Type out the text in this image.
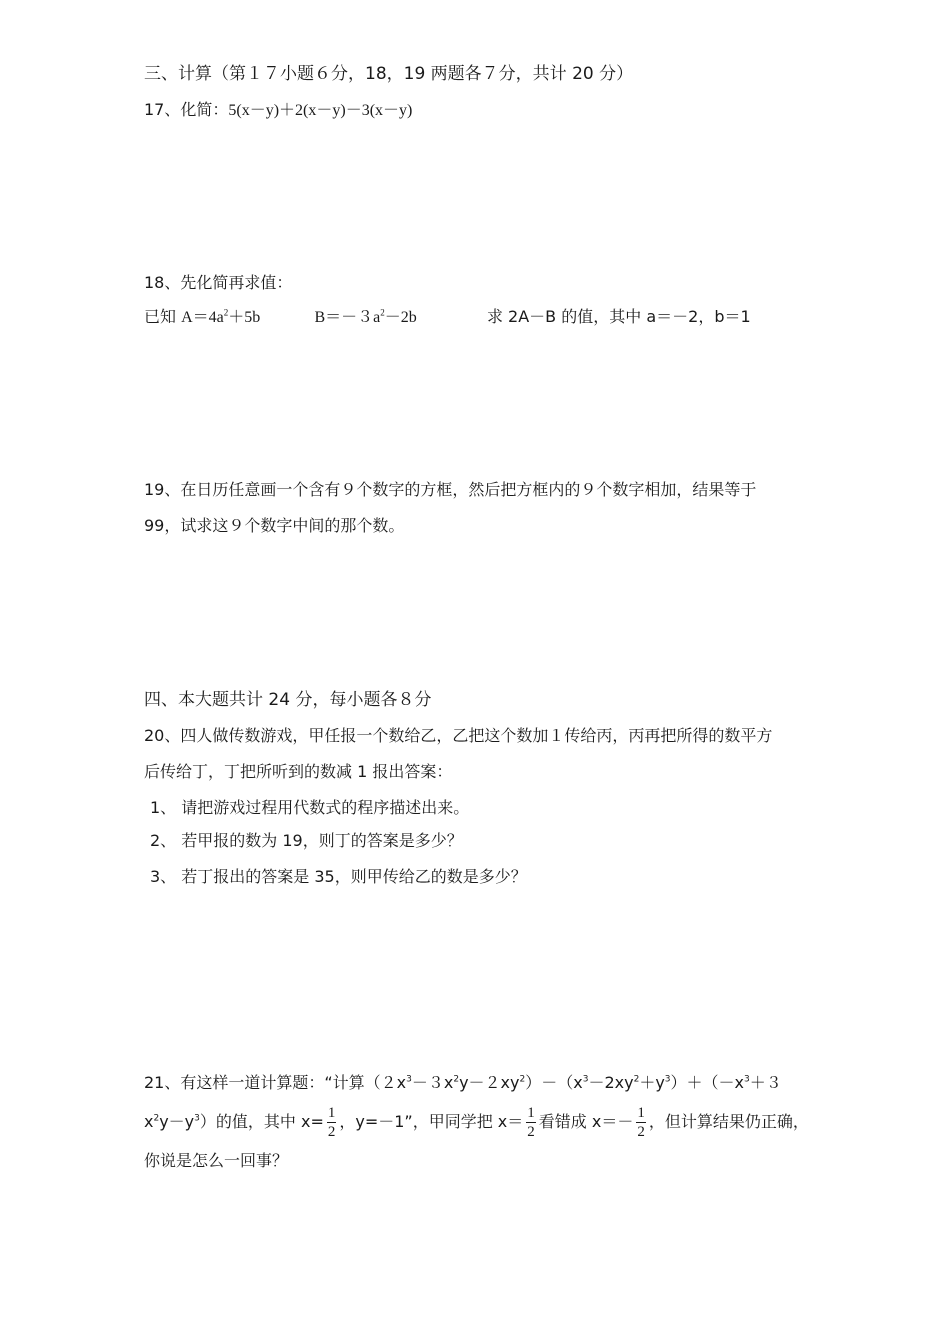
三、计算（第１７小题６分，18，19 两题各７分，共计 20 分）
17、化简：5(x－y)＋2(x－y)－3(x－y)
18、先化简再求值：
已知 $A=4a^2+5b$	$B=-3a^2-2b$	求 2A－B 的值，其中 a＝－2，b＝1
19、在日历任意画一个含有９个数字的方框，然后把方框内的９个数字相加，结果等于
99，试求这９个数字中间的那个数。
四、本大题共计 24 分，每小题各８分
20、四人做传数游戏，甲任报一个数给乙，乙把这个数加１传给丙，丙再把所得的数平方
后传给丁，丁把所听到的数减 1 报出答案：
1、 请把游戏过程用代数式的程序描述出来。
2、 若甲报的数为 19，则丁的答案是多少？
3、 若丁报出的答案是 35，则甲传给乙的数是多少？
21、有这样一道计算题：“计算$(2x^3-3x^2y-2xy^2)-(x^3-2xy^2+y^3)+(-x^3+3$
$x^2y-y^3$）的值，其中 $x= \frac{1}{2}$ ，y=－1”，甲同学把 $x= \frac{1}{2}$ 看错成 $x=- \frac{1}{2}$ ，但计算结果仍正确，
你说是怎么一回事？
